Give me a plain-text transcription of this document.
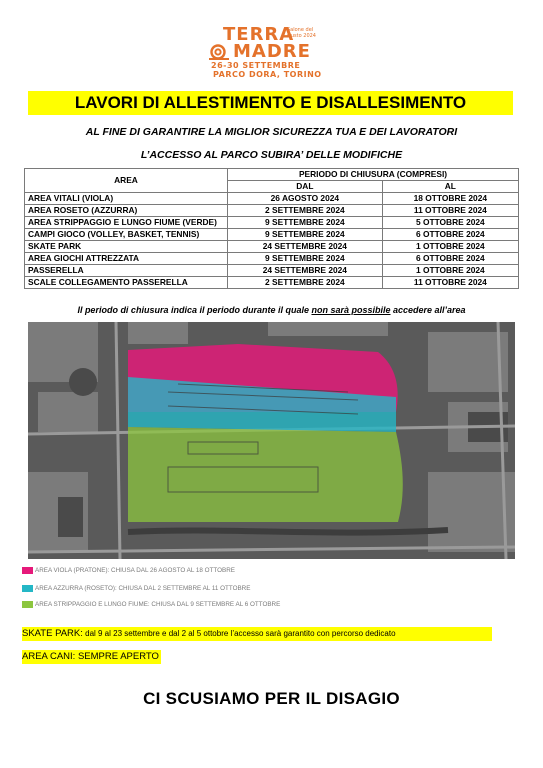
TERRA
MADRE
Salone del Gusto 2024
26-30 SETTEMBRE
PARCO DORA, TORINO
LAVORI DI ALLESTIMENTO E DISALLESIMENTO
AL FINE DI GARANTIRE LA MIGLIOR SICUREZZA TUA E DEI LAVORATORI
L’ACCESSO AL PARCO SUBIRA’ DELLE MODIFICHE
AREA	PERIODO DI CHIUSURA (COMPRESI)	
	DAL	AL
AREA VITALI (VIOLA)	26 AGOSTO 2024	18 OTTOBRE 2024
AREA ROSETO (AZZURRA)	2 SETTEMBRE 2024	11 OTTOBRE 2024
AREA STRIPPAGGIO E LUNGO FIUME (VERDE)	9 SETTEMBRE 2024	5 OTTOBRE 2024
CAMPI GIOCO (VOLLEY, BASKET, TENNIS)	9 SETTEMBRE 2024	6 OTTOBRE 2024
SKATE PARK	24 SETTEMBRE 2024	1 OTTOBRE 2024
AREA GIOCHI ATTREZZATA	9 SETTEMBRE 2024	6 OTTOBRE 2024
PASSERELLA	24 SETTEMBRE 2024	1 OTTOBRE 2024
SCALE COLLEGAMENTO PASSERELLA	2 SETTEMBRE 2024	11 OTTOBRE 2024
Il periodo di chiusura indica il periodo durante il quale non sarà possibile accedere all’area
AREA VIOLA (PRATONE): CHIUSA DAL 26 AGOSTO AL 18 OTTOBRE
AREA AZZURRA (ROSETO): CHIUSA DAL 2 SETTEMBRE AL 11 OTTOBRE
AREA STRIPPAGGIO E LUNGO FIUME: CHIUSA DAL 9 SETTEMBRE AL 6 OTTOBRE
SKATE PARK: dal 9 al 23 settembre e dal 2 al 5 ottobre l’accesso sarà garantito con percorso dedicato
AREA CANI: SEMPRE APERTO
CI SCUSIAMO PER IL DISAGIO
